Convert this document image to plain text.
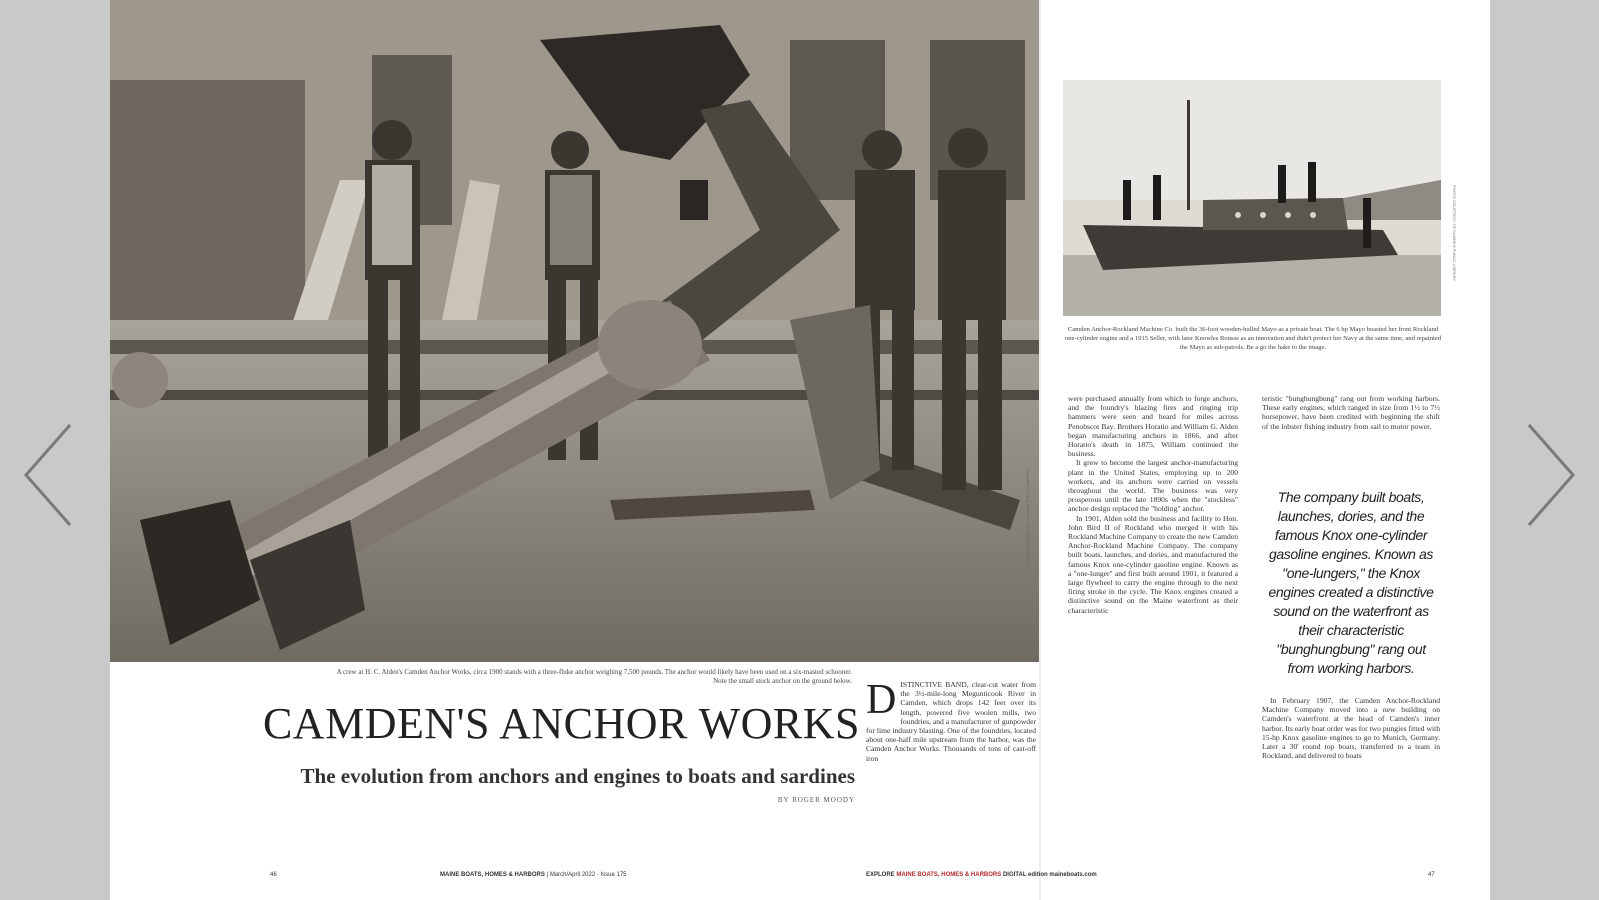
PHOTO COURTESY OF CAMDEN PUBLIC LIBRARY
A crew at H. C. Alden's Camden Anchor Works, circa 1900 stands with a three-fluke anchor weighing 7,500 pounds. The anchor would likely have been used on a six-masted schooner. Note the small stock anchor on the ground below.
CAMDEN'S ANCHOR WORKS
The evolution from anchors and engines to boats and sardines
BY ROGER MOODY
D ISTINCTIVE BAND, clear-cut water from the 3½-mile-long Megunticook River in Camden, which drops 142 feet over its length, powered five woolen mills, two foundries, and a manufacturer of gunpowder for lime industry blasting. One of the foundries, located about one-half mile upstream from the harbor, was the Camden Anchor Works. Thousands of tons of cast-off iron
46	MAINE BOATS, HOMES & HARBORS | March/April 2022 · Issue 175
PHOTO COURTESY OF CAMDEN PUBLIC LIBRARY
Camden Anchor-Rockland Machine Co. built the 36-foot wooden-hulled Mayo as a private boat. The 6 hp Mayo boasted her front Rockland one-cylinder engine and a 1915 Seller, with later Knowles Rousse as an innovation and didn't protect her Navy at the same time, and repainted the Mayo as sub-patrols. Be a go the hake to the image.

were purchased annually from which to forge anchors, and the foundry's blazing fires and ringing trip hammers were seen and heard for miles across Penobscot Bay. Brothers Horatio and William G. Alden began manufacturing anchors in 1866, and after Horatio's death in 1875, William continued the business.

It grew to become the largest anchor-manufacturing plant in the United States, employing up to 200 workers, and its anchors were carried on vessels throughout the world. The business was very prosperous until the late 1890s when the "stockless" anchor design replaced the "holding" anchor.

In 1901, Alden sold the business and facility to Hon. John Bird II of Rockland who merged it with his Rockland Machine Company to create the new Camden Anchor-Rockland Machine Company. The company built boats, launches, and dories, and manufactured the famous Knox one-cylinder gasoline engine. Known as a "one-lunger" and first built around 1901, it featured a large flywheel to carry the engine through to the next firing stroke in the cycle. The Knox engines created a distinctive sound on the Maine waterfront as their characteristic

teristic "bunghungbung" rang out from working harbors. These early engines, which ranged in size from 1½ to 7½ horsepower, have been credited with beginning the shift of the lobster fishing industry from sail to motor power.

The company built boats, launches, dories, and the famous Knox one-cylinder gasoline engines. Known as "one-lungers," the Knox engines created a distinctive sound on the waterfront as their characteristic "bunghungbung" rang out from working harbors.

In February 1907, the Camden Anchor-Rockland Machine Company moved into a new building on Camden's waterfront at the head of Camden's inner harbor. Its early boat order was for two pungies fitted with 15-hp Knox gasoline engines to go to Munich, Germany. Later a 30' round top boats, transferred to a team in Rockland, and delivered to boats

EXPLORE MAINE BOATS, HOMES & HARBORS DIGITAL edition maineboats.com	47
